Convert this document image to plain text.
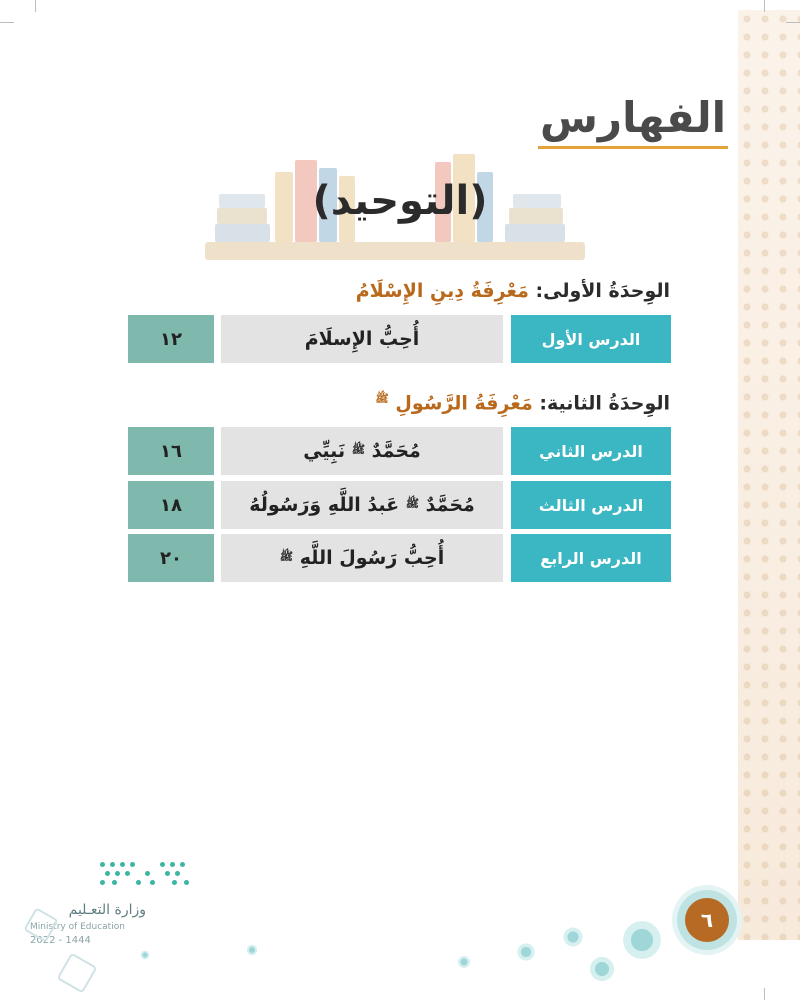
الفهارس
(التوحيد)
الوِحدَةُ الأولى: مَعْرِفَةُ دِينِ الإِسْلَامُ
الدرس الأول
أُحِبُّ الإِسلَامَ
١٢
الوِحدَةُ الثانية: مَعْرِفَةُ الرَّسُولِ $^ﷺ$
الدرس الثاني
مُحَمَّدٌ

ﷺ

نَبِيِّي
١٦
الدرس الثالث
مُحَمَّدٌ

ﷺ

عَبدُ اللَّهِ وَرَسُولُهُ
١٨
الدرس الرابع
أُحِبُّ رَسُولَ اللَّهِ

ﷺ
٢٠
وزارة التعـليم
Ministry of Education
2022 - 1444
٦
